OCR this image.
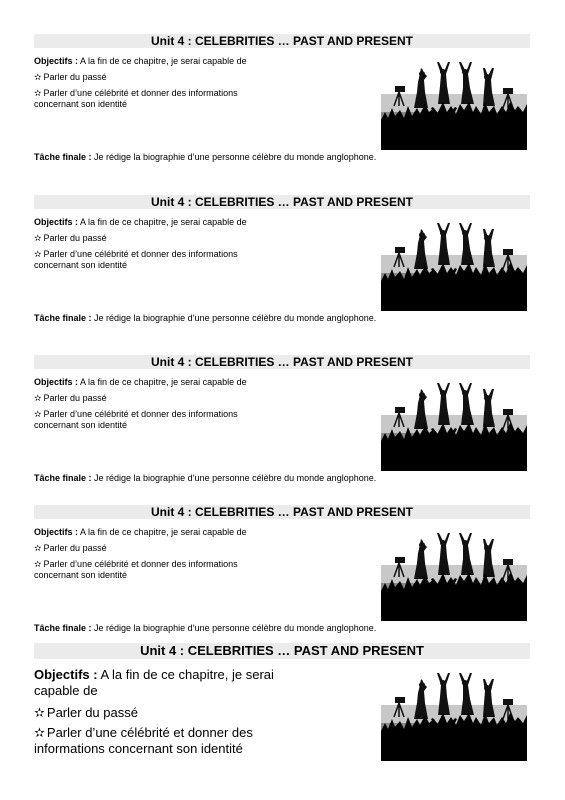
Unit 4 : CELEBRITIES … PAST AND PRESENT
Objectifs : A la fin de ce chapitre, je serai capable de
✫ Parler du passé
✫ Parler d’une célébrité et donner des informations concernant son identité
Tâche finale : Je rédige la biographie d’une personne célèbre du monde anglophone.
Unit 4 : CELEBRITIES … PAST AND PRESENT
Objectifs : A la fin de ce chapitre, je serai capable de
✫ Parler du passé
✫ Parler d’une célébrité et donner des informations concernant son identité
Tâche finale : Je rédige la biographie d’une personne célèbre du monde anglophone.
Unit 4 : CELEBRITIES … PAST AND PRESENT
Objectifs : A la fin de ce chapitre, je serai capable de
✫ Parler du passé
✫ Parler d’une célébrité et donner des informations concernant son identité
Tâche finale : Je rédige la biographie d’une personne célèbre du monde anglophone.
Unit 4 : CELEBRITIES … PAST AND PRESENT
Objectifs : A la fin de ce chapitre, je serai capable de
✫ Parler du passé
✫ Parler d’une célébrité et donner des informations concernant son identité
Tâche finale : Je rédige la biographie d’une personne célèbre du monde anglophone.
Unit 4 : CELEBRITIES … PAST AND PRESENT
Objectifs : A la fin de ce chapitre, je serai capable de
✫ Parler du passé
✫ Parler d’une célébrité et donner des informations concernant son identité
